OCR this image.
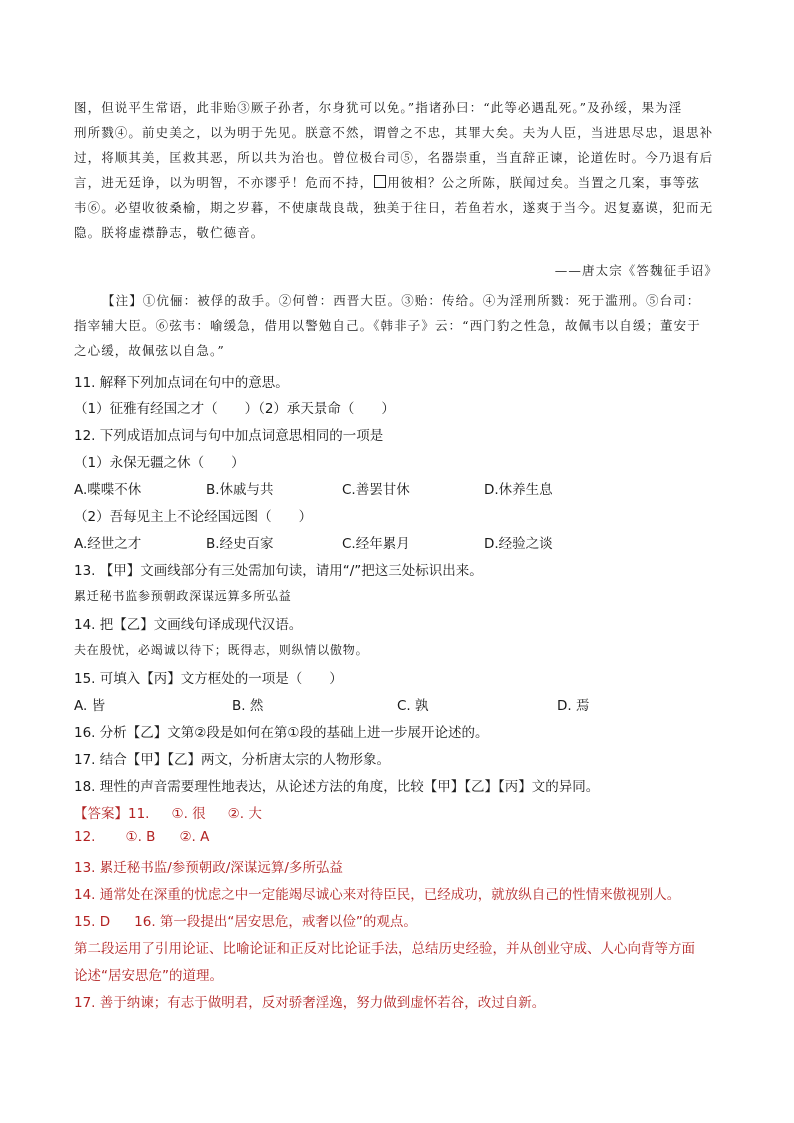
图，但说平生常语，此非贻③厥子孙者，尔身犹可以免。”指诸孙曰：“此等必遇乱死。”及孙绥，果为淫
刑所戮④。前史美之，以为明于先见。朕意不然，谓曾之不忠，其罪大矣。夫为人臣，当进思尽忠，退思补
过，将顺其美，匡救其恶，所以共为治也。曾位极台司⑤，名器崇重，当直辞正谏，论道佐时。今乃退有后
言，进无廷诤，以为明智，不亦谬乎！危而不持， 用彼相？公之所陈，朕闻过矣。当置之几案，事等弦
韦⑥。必望收彼桑榆，期之岁暮，不使康哉良哉，独美于往日，若鱼若水，遂爽于当今。迟复嘉谟，犯而无
隐。朕将虚襟静志，敬伫德音。
——唐太宗《答魏征手诏》
【注】①伉俪：被俘的敌手。②何曾：西晋大臣。③贻：传给。④为淫刑所戮：死于滥刑。⑤台司：
指宰辅大臣。⑥弦韦：喻缓急，借用以警勉自己。《韩非子》云：“西门豹之性急，故佩韦以自缓；董安于
之心缓，故佩弦以自急。”
11. 解释下列加点词在句中的意思。
（1）征雅有经国之才（　　）（2）承天景命（　　）
12. 下列成语加点词与句中加点词意思相同的一项是
（1）永保无疆之休（　　）
A.喋喋不休	B.休戚与共	C.善罢甘休	D.休养生息
（2）吾每见主上不论经国远图（　　）
A.经世之才	B.经史百家	C.经年累月	D.经验之谈
13. 【甲】文画线部分有三处需加句读，请用“/”把这三处标识出来。
累迁秘书监参预朝政深谋远算多所弘益
14. 把【乙】文画线句译成现代汉语。
夫在殷忧，必竭诚以待下；既得志，则纵情以傲物。
15. 可填入【丙】文方框处的一项是（　　）
A. 皆	B. 然	C. 孰	D. 焉
16. 分析【乙】文第②段是如何在第①段的基础上进一步展开论述的。
17. 结合【甲】【乙】两文，分析唐太宗的人物形象。
18. 理性的声音需要理性地表达，从论述方法的角度，比较【甲】【乙】【丙】文的异同。
【答案】11. ①. 很 ②. 大
12. ①. B ②. A
13. 累迁秘书监/参预朝政/深谋远算/多所弘益
14. 通常处在深重的忧虑之中一定能竭尽诚心来对待臣民，已经成功，就放纵自己的性情来傲视别人。
15. D 16. 第一段提出“居安思危，戒奢以俭”的观点。
第二段运用了引用论证、比喻论证和正反对比论证手法，总结历史经验，并从创业守成、人心向背等方面
论述“居安思危”的道理。
17. 善于纳谏；有志于做明君，反对骄奢淫逸，努力做到虚怀若谷，改过自新。
